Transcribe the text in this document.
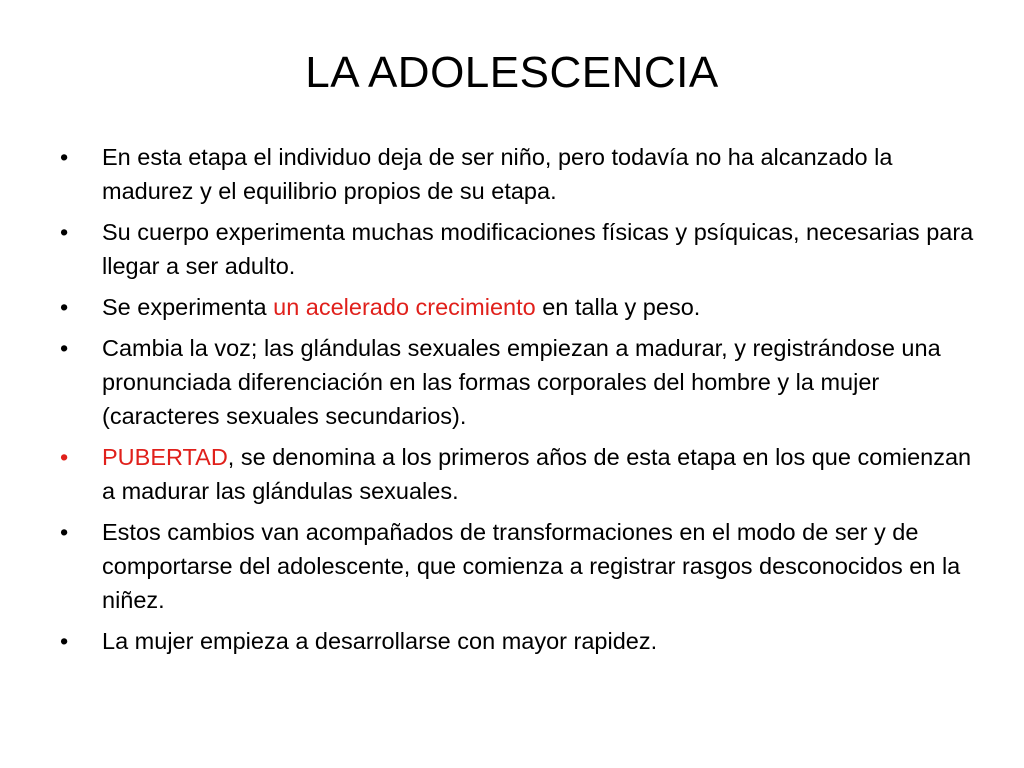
LA ADOLESCENCIA
•	En esta etapa el individuo deja de ser niño, pero todavía no ha alcanzado la madurez y el equilibrio propios de su etapa.
•	Su cuerpo experimenta muchas modificaciones físicas y psíquicas, necesarias para llegar a ser adulto.
•	Se experimenta un acelerado crecimiento en talla y peso.
•	Cambia la voz; las glándulas sexuales empiezan a madurar, y registrándose una pronunciada diferenciación en las formas corporales del hombre y la mujer (caracteres sexuales secundarios).
•	PUBERTAD, se denomina a los primeros años de esta etapa en los que comienzan a madurar las glándulas sexuales.
•	Estos cambios van acompañados de transformaciones en el modo de ser y de comportarse del adolescente, que comienza a registrar rasgos desconocidos en la niñez.
•	La mujer empieza a desarrollarse con mayor rapidez.
